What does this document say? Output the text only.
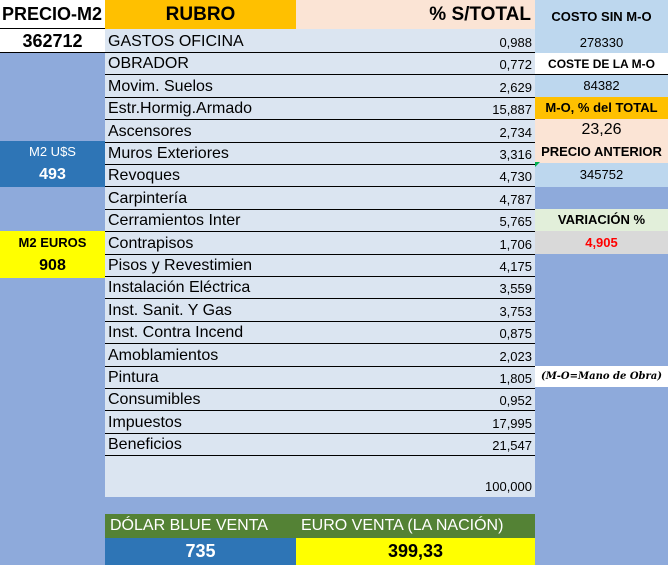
PRECIO-M2
362712
M2 U$S
493
M2 EUROS
908
RUBRO	% S/TOTAL
GASTOS OFICINA	0,988
OBRADOR	0,772
Movim. Suelos	2,629
Estr.Hormig.Armado	15,887
Ascensores	2,734
Muros Exteriores	3,316
Revoques	4,730
Carpintería	4,787
Cerramientos Inter	5,765
Contrapisos	1,706
Pisos y Revestimien	4,175
Instalación Eléctrica	3,559
Inst. Sanit. Y Gas	3,753
Inst. Contra Incend	0,875
Amoblamientos	2,023
Pintura	1,805
Consumibles	0,952
Impuestos	17,995
Beneficios	21,547
100,000
COSTO SIN M-O
278330
COSTE DE LA M-O
84382
M-O, % del TOTAL
23,26
PRECIO ANTERIOR
345752
VARIACIÓN %
4,905
(M-O=Mano de Obra)
DÓLAR BLUE VENTA	EURO VENTA (LA NACIÓN)
735	399,33
